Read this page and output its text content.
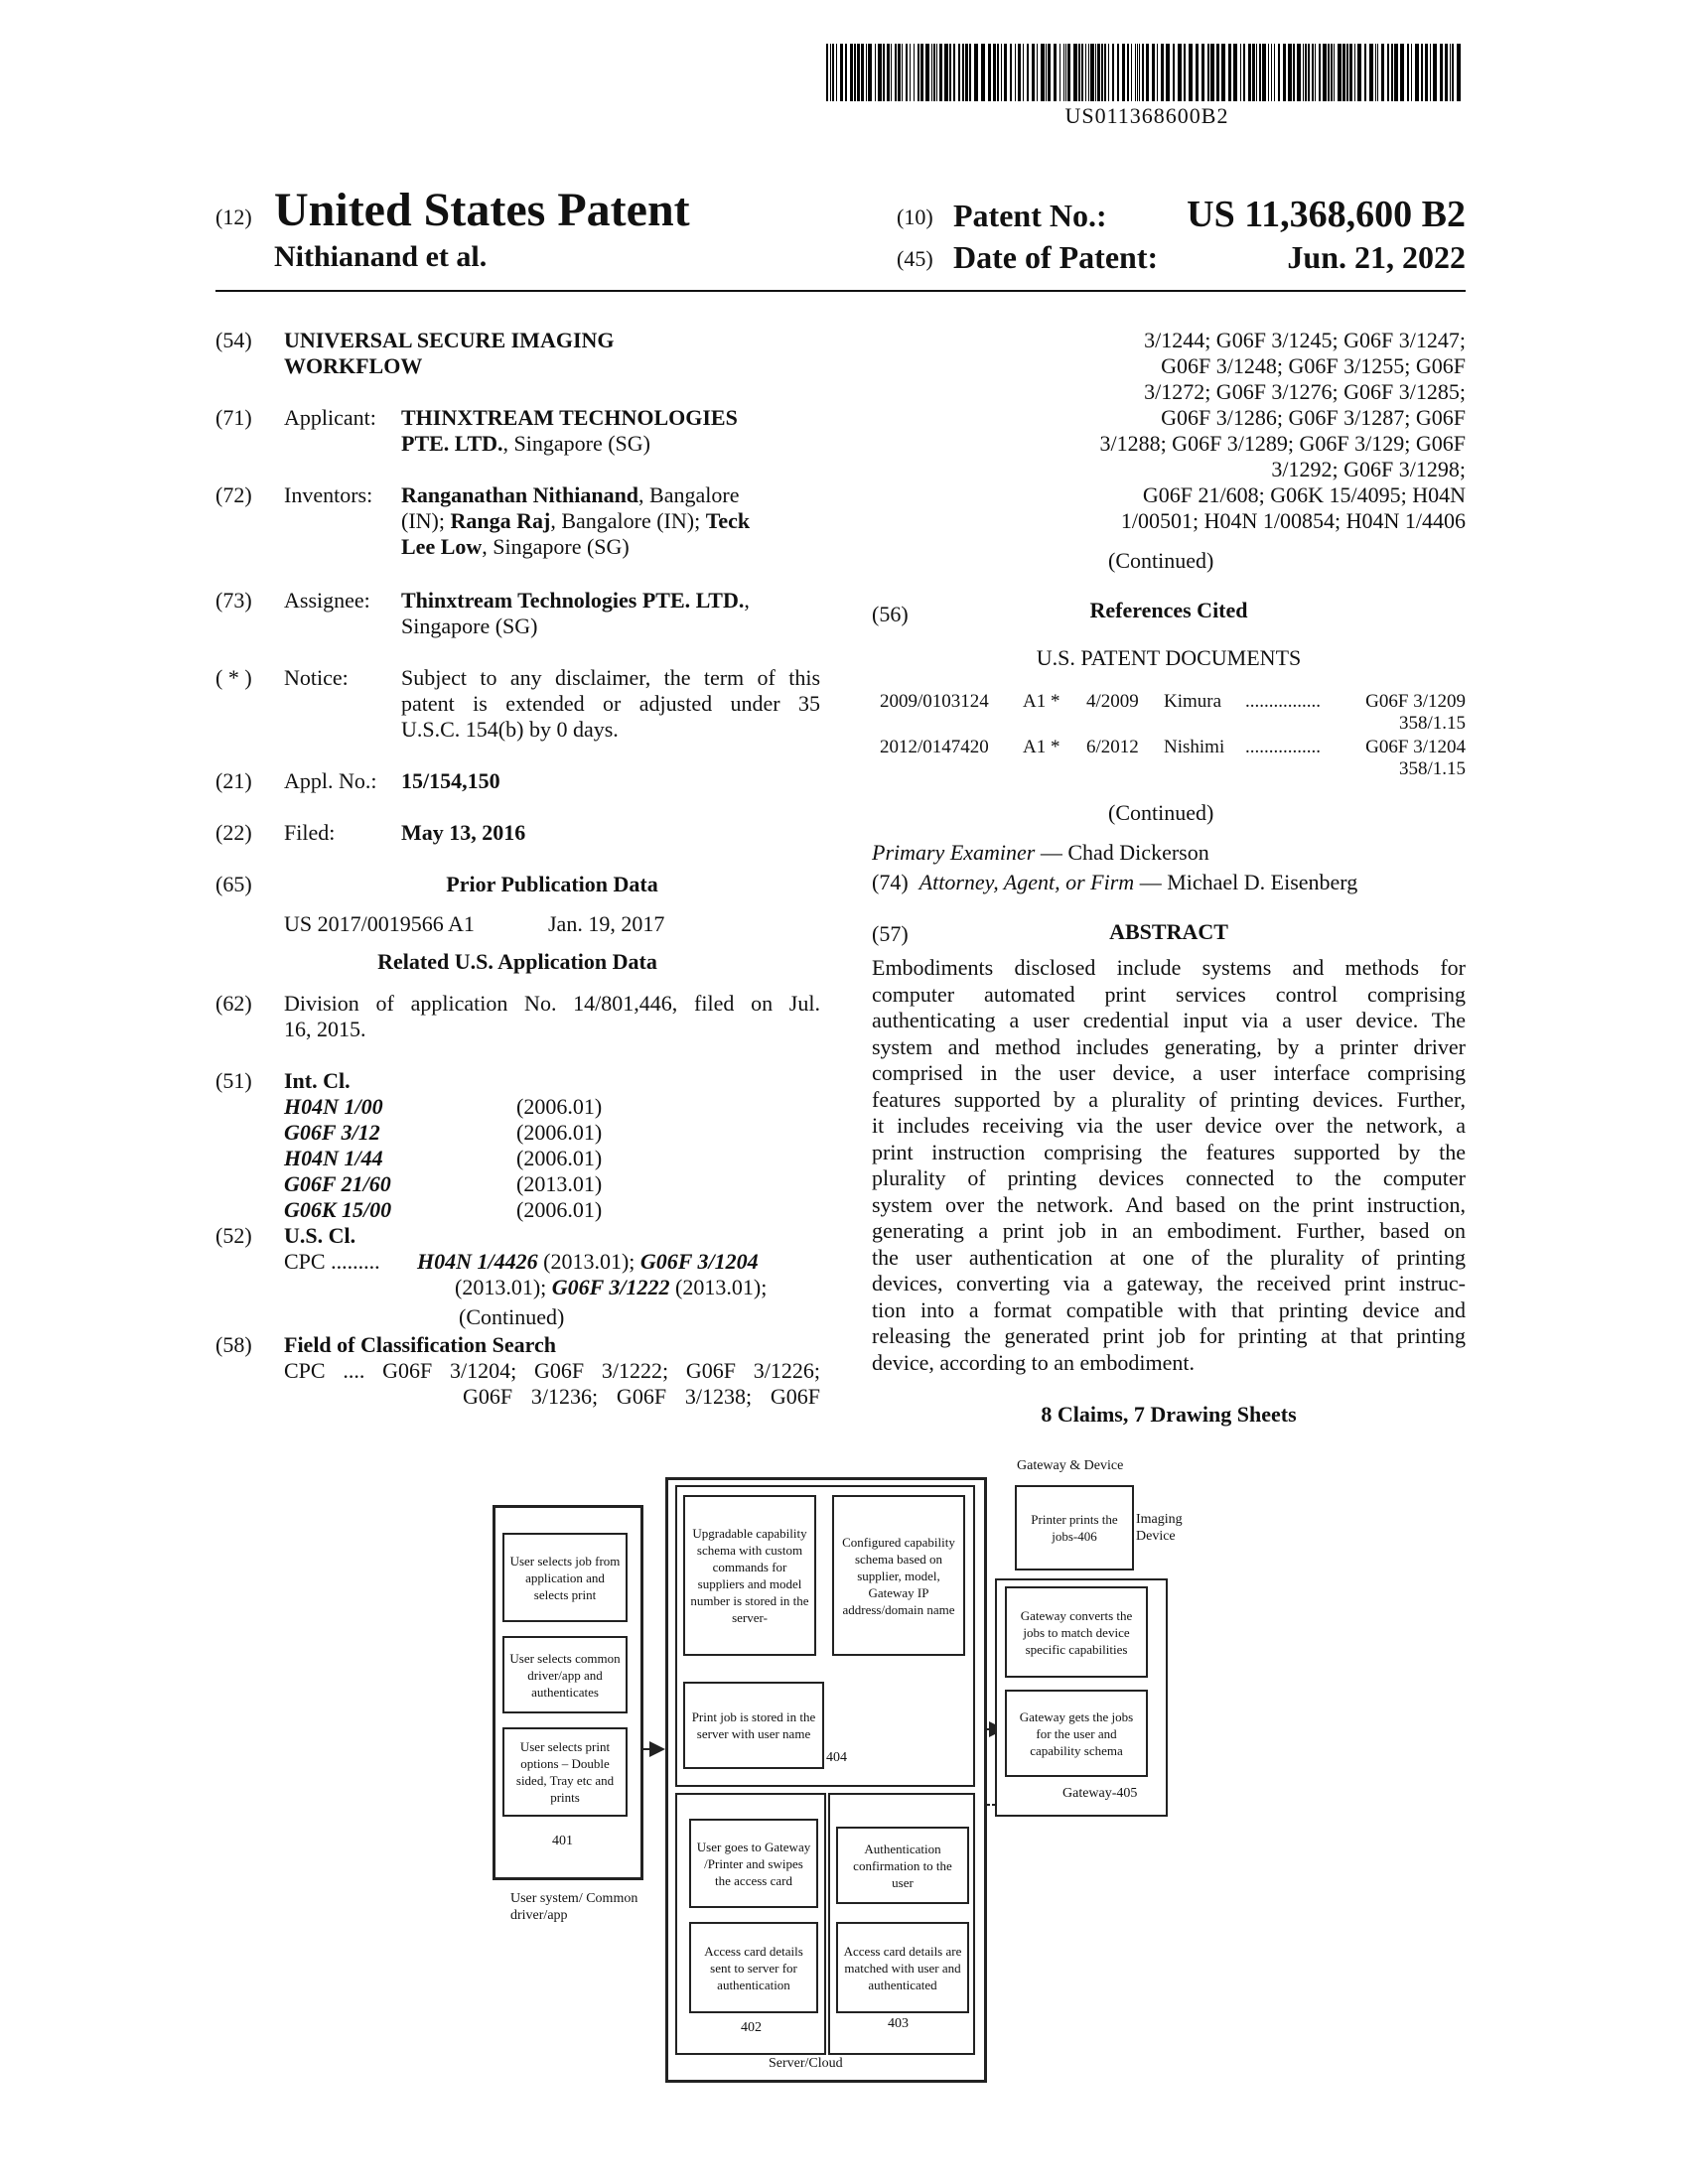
US011368600B2
(12) United States Patent
Nithianand et al.
(10) Patent No.:	US 11,368,600 B2
(45) Date of Patent:	Jun. 21, 2022
(54) UNIVERSAL SECURE IMAGING
WORKFLOW
(71) Applicant: THINXTREAM TECHNOLOGIES
PTE. LTD., Singapore (SG)
(72) Inventors: Ranganathan Nithianand, Bangalore
(IN); Ranga Raj, Bangalore (IN); Teck
Lee Low, Singapore (SG)
(73) Assignee: Thinxtream Technologies PTE. LTD.,
Singapore (SG)
( * ) Notice: Subject to any disclaimer, the term of this
patent is extended or adjusted under 35
U.S.C. 154(b) by 0 days.
(21) Appl. No.: 15/154,150
(22) Filed:	May 13, 2016
(65)	Prior Publication Data
US 2017/0019566 A1	Jan. 19, 2017
Related U.S. Application Data
(62) Division of application No. 14/801,446, filed on Jul.
16, 2015.
(51) Int. Cl.
H04N 1/00	(2006.01)
G06F 3/12	(2006.01)
H04N 1/44	(2006.01)
G06F 21/60	(2013.01)
G06K 15/00	(2006.01)
(52) U.S. Cl.
CPC ......... H04N 1/4426 (2013.01); G06F 3/1204
(2013.01); G06F 3/1222 (2013.01);
(Continued)
(58) Field of Classification Search
CPC .... G06F 3/1204; G06F 3/1222; G06F 3/1226;
G06F 3/1236; G06F 3/1238; G06F
3/1244; G06F 3/1245; G06F 3/1247;
G06F 3/1248; G06F 3/1255; G06F
3/1272; G06F 3/1276; G06F 3/1285;
G06F 3/1286; G06F 3/1287; G06F
3/1288; G06F 3/1289; G06F 3/129; G06F
3/1292; G06F 3/1298;
G06F 21/608; G06K 15/4095; H04N
1/00501; H04N 1/00854; H04N 1/4406
(Continued)
(56)	References Cited
U.S. PATENT DOCUMENTS
2009/0103124 A1 * 4/2009 Kimura ................	G06F 3/1209
358/1.15
2012/0147420 A1 * 6/2012 Nishimi ................	G06F 3/1204
358/1.15
(Continued)
Primary Examiner — Chad Dickerson
(74) Attorney, Agent, or Firm — Michael D. Eisenberg
(57)	ABSTRACT
Embodiments disclosed include systems and methods for
computer automated print services control comprising
authenticating a user credential input via a user device. The
system and method includes generating, by a printer driver
comprised in the user device, a user interface comprising
features supported by a plurality of printing devices. Further,
it includes receiving via the user device over the network, a
print instruction comprising the features supported by the
plurality of printing devices connected to the computer
system over the network. And based on the print instruction,
generating a print job in an embodiment. Further, based on
the user authentication at one of the plurality of printing
devices, converting via a gateway, the received print instruc-
tion into a format compatible with that printing device and
releasing the generated print job for printing at that printing
device, according to an embodiment.
8 Claims, 7 Drawing Sheets
Gateway & Device
Printer prints the jobs-406
Imaging Device
Gateway converts the jobs to match device specific capabilities
Gateway gets the jobs for the user and capability schema
Gateway-405
User selects job from application and selects print
User selects common driver/app and authenticates
User selects print options – Double sided, Tray etc and prints
401
User system/ Common driver/app
Upgradable capability schema with custom commands for suppliers and model number is stored in the server-
Configured capability schema based on supplier, model, Gateway IP address/domain name
Print job is stored in the server with user name
404
User goes to Gateway /Printer and swipes the access card
Access card details sent to server for authentication
402
Authentication confirmation to the user
Access card details are matched with user and authenticated
403
Server/Cloud
